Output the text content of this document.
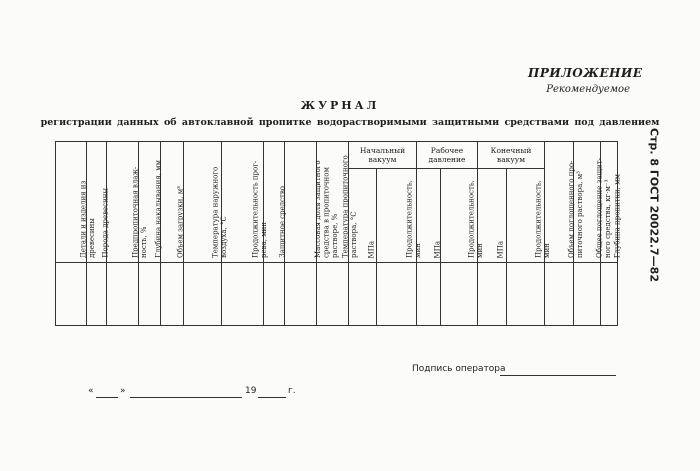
ПРИЛОЖЕНИЕ
Рекомендуемое
Стр. 8 ГОСТ 20022.7—82
ЖУРНАЛ
регистрации данных об автоклавной пропитке водорастворимыми защитными средствами под давлением
Детали и изделия из древесины	Порода древесины	Предпропиточная влаж- ность, %	Глубина накалывания, мм	Объем загрузки, м³	Температура наружного воздуха, °С	Продолжительность прог- рева, мин	Защитное средство	Массовая доля защитного средства в пропиточном растворе, %	Температура пропиточного раствора, °С	Начальный вакуум		Рабочее давление		Конечный вакуум		Объем поглощенного про- питочного раствора, м³	Общее поглощение защит- ного средства, кг·м⁻³	Глубина пропитки, мм

										МПа	Продолжительность, мин	МПа	Продолжительность, мин	МПа	Продолжительность, мин			

Подпись оператора
«	»	19	г.
